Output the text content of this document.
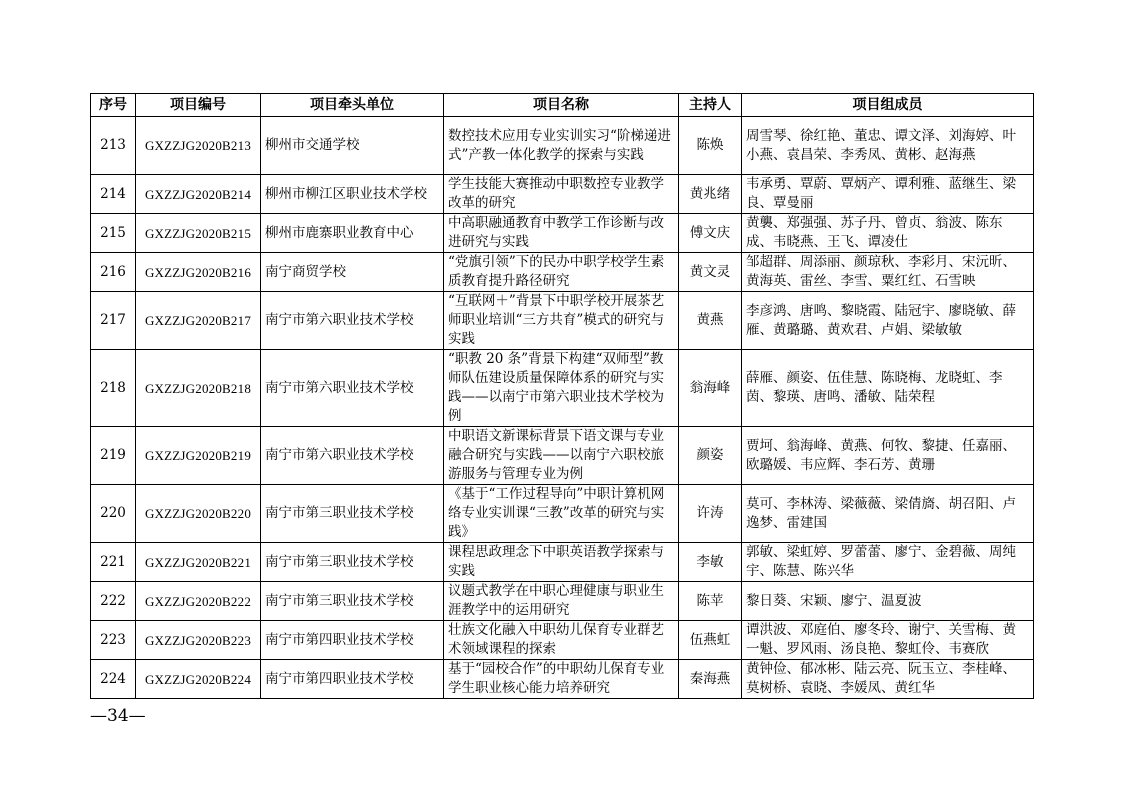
序号	项目编号	项目牵头单位	项目名称	主持人	项目组成员
213	GXZZJG2020B213	柳州市交通学校	数控技术应用专业实训实习“阶梯递进式”产教一体化教学的探索与实践	陈焕	周雪琴、徐红艳、董忠、谭文泽、刘海婷、叶小燕、袁昌荣、李秀凤、黄彬、赵海燕
214	GXZZJG2020B214	柳州市柳江区职业技术学校	学生技能大赛推动中职数控专业教学改革的研究	黄兆绪	韦承勇、覃蔚、覃炳产、谭利雅、蓝继生、梁良、覃曼丽
215	GXZZJG2020B215	柳州市鹿寨职业教育中心	中高职融通教育中教学工作诊断与改进研究与实践	傅文庆	黄襲、郑强强、苏子丹、曾贞、翁波、陈东成、韦晓燕、王飞、谭凌仕
216	GXZZJG2020B216	南宁商贸学校	“党旗引领”下的民办中职学校学生素质教育提升路径研究	黄文灵	邹超群、周添丽、颜琼秋、李彩月、宋沅昕、黄海英、雷丝、李雪、粟红红、石雪映
217	GXZZJG2020B217	南宁市第六职业技术学校	“互联网＋”背景下中职学校开展茶艺师职业培训“三方共育”模式的研究与实践	黄燕	李彦鸿、唐鸣、黎晓霞、陆冠宇、廖晓敏、薛雁、黄璐璐、黄欢君、卢娟、梁敏敏
218	GXZZJG2020B218	南宁市第六职业技术学校	“职教 20 条”背景下构建“双师型”教师队伍建设质量保障体系的研究与实践——以南宁市第六职业技术学校为例	翁海峰	薛雁、颜姿、伍佳慧、陈晓梅、龙晓虹、李茵、黎瑛、唐鸣、潘敏、陆荣程
219	GXZZJG2020B219	南宁市第六职业技术学校	中职语文新课标背景下语文课与专业融合研究与实践——以南宁六职校旅游服务与管理专业为例	颜姿	贾坷、翁海峰、黄燕、何牧、黎捷、任嘉丽、欧璐媛、韦应辉、李石芳、黄珊
220	GXZZJG2020B220	南宁市第三职业技术学校	《基于“工作过程导向”中职计算机网络专业实训课“三教”改革的研究与实践》	许涛	莫可、李林涛、梁薇薇、梁倩旖、胡召阳、卢逸梦、雷建国
221	GXZZJG2020B221	南宁市第三职业技术学校	课程思政理念下中职英语教学探索与实践	李敏	郭敏、梁虹婷、罗蕾蕾、廖宁、金碧薇、周纯宇、陈慧、陈兴华
222	GXZZJG2020B222	南宁市第三职业技术学校	议题式教学在中职心理健康与职业生涯教学中的运用研究	陈苹	黎日葵、宋颖、廖宁、温夏波
223	GXZZJG2020B223	南宁市第四职业技术学校	壮族文化融入中职幼儿保育专业群艺术领域课程的探索	伍燕虹	谭洪波、邓庭伯、廖冬玲、谢宁、关雪梅、黄一魁、罗风雨、汤良艳、黎虹伶、韦赛欣
224	GXZZJG2020B224	南宁市第四职业技术学校	基于“园校合作”的中职幼儿保育专业学生职业核心能力培养研究	秦海燕	黄钟俭、郁冰彬、陆云亮、阮玉立、李桂峰、莫树桥、袁晓、李媛凤、黄红华
—34—
